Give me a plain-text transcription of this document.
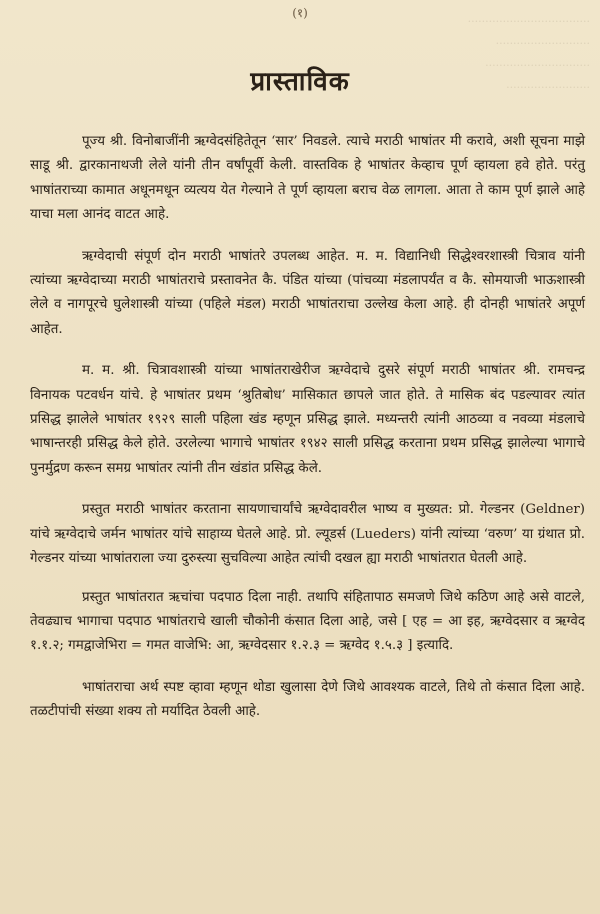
...................................
...........................
..............................
........................

(१)
प्रास्ताविक

पूज्य श्री. विनोबाजींनी ऋग्वेदसंहितेतून ‘सार’ निवडले. त्याचे मराठी भाषांतर मी करावे, अशी सूचना माझे साडू श्री. द्वारकानाथजी लेले यांनी तीन वर्षांपूर्वी केली. वास्तविक हे भाषांतर केव्हाच पूर्ण व्हायला हवे होते. परंतु भाषांतराच्या कामात अधूनमधून व्यत्यय येत गेल्याने ते पूर्ण व्हायला बराच वेळ लागला. आता ते काम पूर्ण झाले आहे याचा मला आनंद वाटत आहे.

ऋग्वेदाची संपूर्ण दोन मराठी भाषांतरे उपलब्ध आहेत. म. म. विद्यानिधी सिद्धेश्वरशास्त्री चित्राव यांनी त्यांच्या ऋग्वेदाच्या मराठी भाषांतराचे प्रस्तावनेत कै. पंडित यांच्या (पांचव्या मंडलापर्यंत व कै. सोमयाजी भाऊशास्त्री लेले व नागपूरचे घुलेशास्त्री यांच्या (पहिले मंडल) मराठी भाषांतराचा उल्लेख केला आहे. ही दोनही भाषांतरे अपूर्ण आहेत.

म. म. श्री. चित्रावशास्त्री यांच्या भाषांतराखेरीज ऋग्वेदाचे दुसरे संपूर्ण मराठी भाषांतर श्री. रामचन्द्र विनायक पटवर्धन यांचे. हे भाषांतर प्रथम ‘श्रुतिबोध’ मासिकात छापले जात होते. ते मासिक बंद पडल्यावर त्यांत प्रसिद्ध झालेले भाषांतर १९२९ साली पहिला खंड म्हणून प्रसिद्ध झाले. मध्यन्तरी त्यांनी आठव्या व नवव्या मंडलाचे भाषान्तरही प्रसिद्ध केले होते. उरलेल्या भागाचे भाषांतर १९४२ साली प्रसिद्ध करताना प्रथम प्रसिद्ध झालेल्या भागाचे पुनर्मुद्रण करून समग्र भाषांतर त्यांनी तीन खंडांत प्रसिद्ध केले.

प्रस्तुत मराठी भाषांतर करताना सायणाचार्यांचे ऋग्वेदावरील भाष्य व मुख्यत: प्रो. गेल्डनर (Geldner) यांचे ऋग्वेदाचे जर्मन भाषांतर यांचे साहाय्य घेतले आहे. प्रो. ल्यूडर्स (Lueders) यांनी त्यांच्या ‘वरुण’ या ग्रंथात प्रो. गेल्डनर यांच्या भाषांतराला ज्या दुरुस्त्या सुचविल्या आहेत त्यांची दखल ह्या मराठी भाषांतरात घेतली आहे.

प्रस्तुत भाषांतरात ऋचांचा पदपाठ दिला नाही. तथापि संहितापाठ समजणे जिथे कठिण आहे असे वाटले, तेवढ्याच भागाचा पदपाठ भाषांतराचे खाली चौकोनी कंसात दिला आहे, जसे [ एह = आ इह, ऋग्वेदसार व ऋग्वेद १.१.२; गमद्वाजेभिरा = गमत वाजेभि: आ, ऋग्वेदसार १.२.३ = ऋग्वेद १.५.३ ] इत्यादि.

भाषांतराचा अर्थ स्पष्ट व्हावा म्हणून थोडा खुलासा देणे जिथे आवश्यक वाटले, तिथे तो कंसात दिला आहे. तळटीपांची संख्या शक्य तो मर्यादित ठेवली आहे.
